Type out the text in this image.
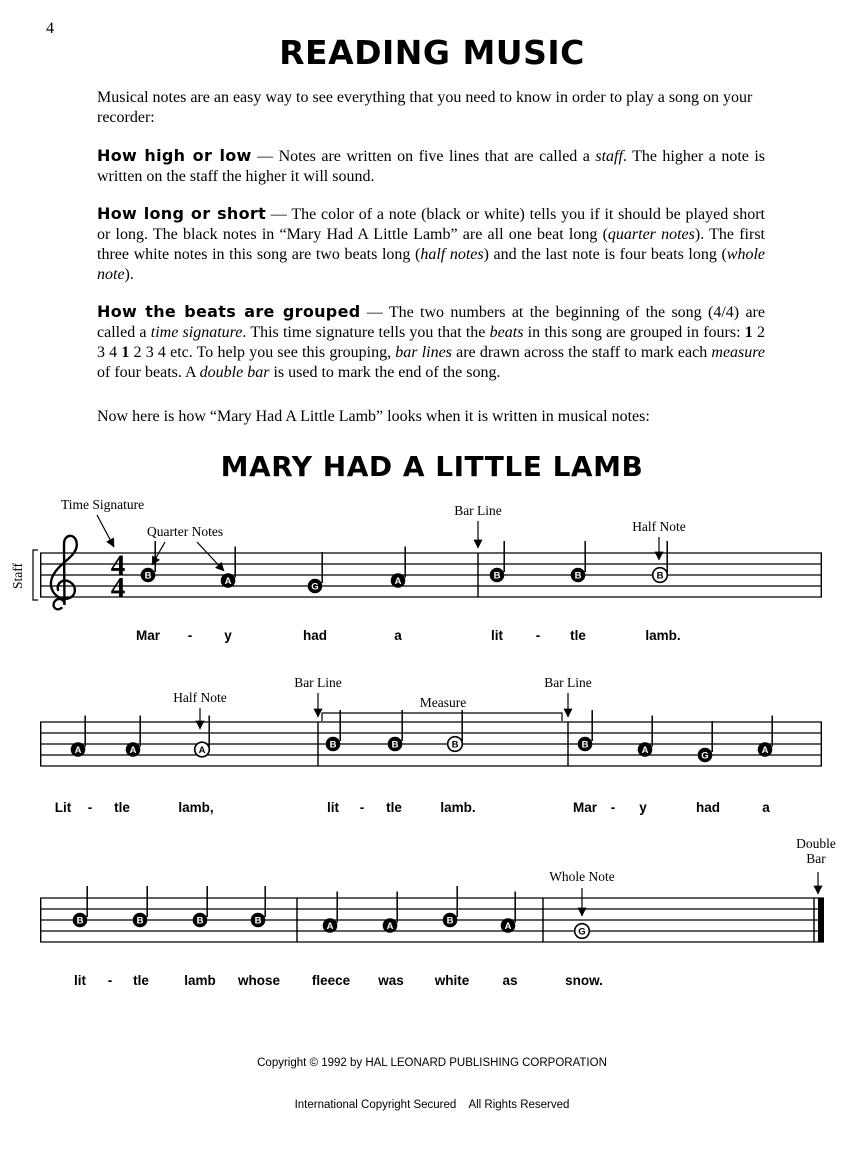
4
READING MUSIC

Musical notes are an easy way to see everything that you need to know in order to play a song on your recorder:

How high or low — Notes are written on five lines that are called a staff. The higher a note is written on the staff the higher it will sound.
How long or short — The color of a note (black or white) tells you if it should be played short or long. The black notes in “Mary Had A Little Lamb” are all one beat long (quarter notes). The first three white notes in this song are two beats long (half notes) and the last note is four beats long (whole note).
How the beats are grouped — The two numbers at the beginning of the song (4/4) are called a time signature. This time signature tells you that the beats in this song are grouped in fours: 1 2 3 4 1 2 3 4 etc. To help you see this grouping, bar lines are drawn across the staff to mark each measure of four beats. A double bar is used to mark the end of the song.

Now here is how “Mary Had A Little Lamb” looks when it is written in musical notes:

MARY HAD A LITTLE LAMB
4
4 B	A	G	A	B	B	B
Mar - y	had	a	lit - tle	lamb.
A	A	A	B	B	B	B	A	G	A
Lit - tle	lamb,	lit - tle	lamb.	Mar - y	had	a
B	B	B	B	A	A	B	A	G
lit - tle	lamb whose fleece was white as	snow.
Time Signature
Quarter Notes
Bar Line
Half Note
Staff
Half Note
Bar Line
Measure
Bar Line
Whole Note
Double
Bar

Copyright © 1992 by HAL LEONARD PUBLISHING CORPORATION

International Copyright Secured    All Rights Reserved
